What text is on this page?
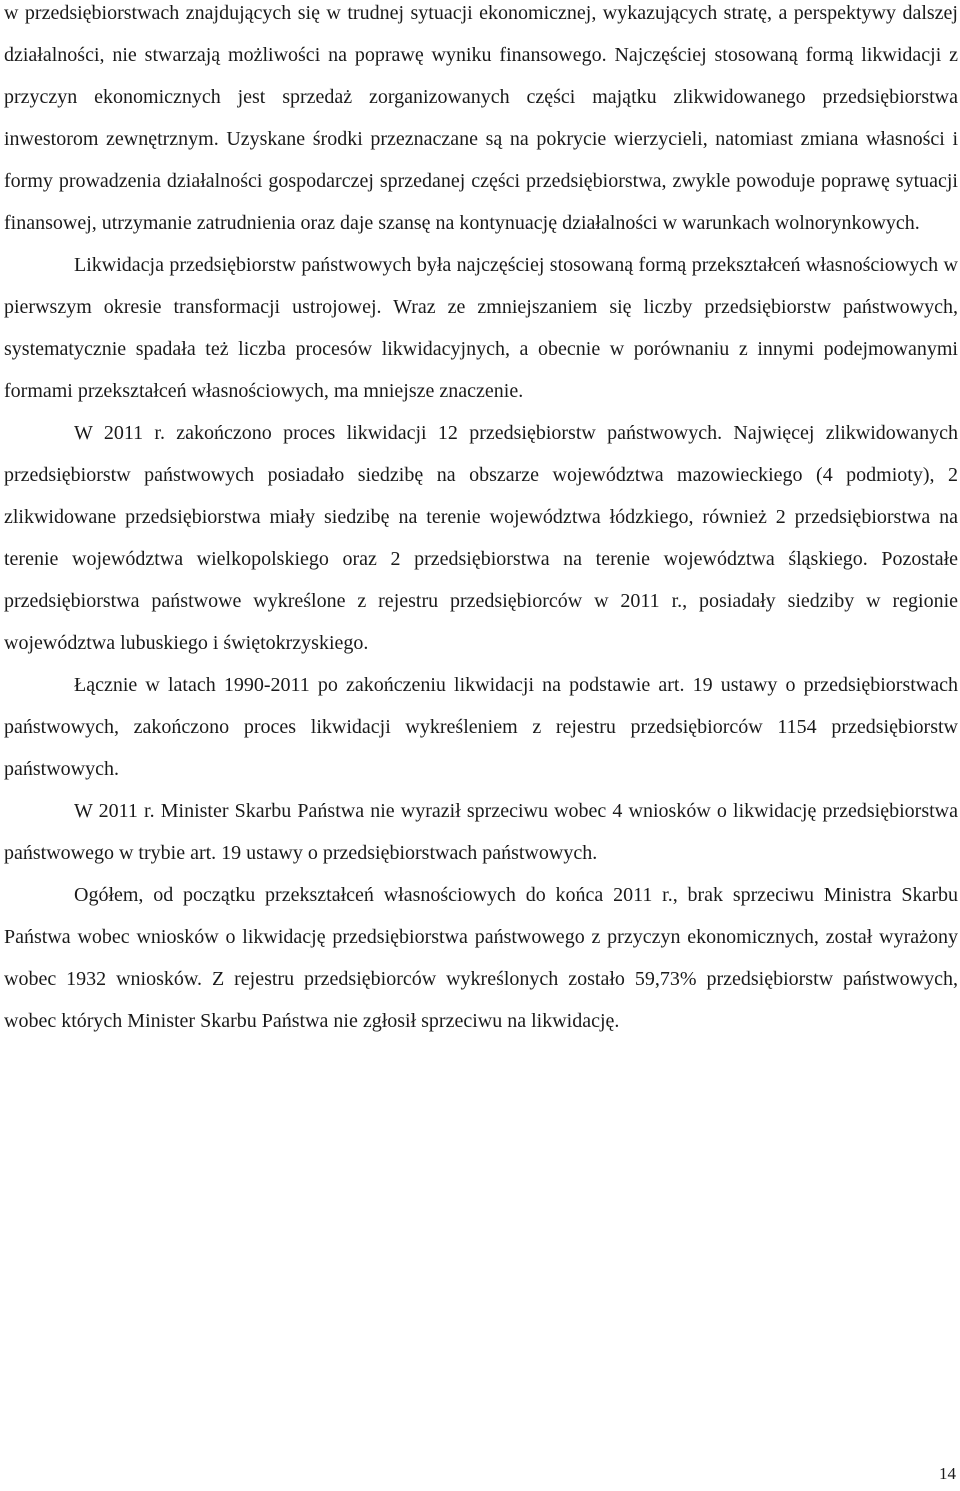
w przedsiębiorstwach znajdujących się w trudnej sytuacji ekonomicznej, wykazujących stratę, a perspektywy dalszej działalności, nie stwarzają możliwości na poprawę wyniku finansowego. Najczęściej stosowaną formą likwidacji z przyczyn ekonomicznych jest sprzedaż zorganizowanych części majątku zlikwidowanego przedsiębiorstwa inwestorom zewnętrznym. Uzyskane środki przeznaczane są na pokrycie wierzycieli, natomiast zmiana własności i formy prowadzenia działalności gospodarczej sprzedanej części przedsiębiorstwa, zwykle powoduje poprawę sytuacji finansowej, utrzymanie zatrudnienia oraz daje szansę na kontynuację działalności w warunkach wolnorynkowych.

Likwidacja przedsiębiorstw państwowych była najczęściej stosowaną formą przekształceń własnościowych w pierwszym okresie transformacji ustrojowej. Wraz ze zmniejszaniem się liczby przedsiębiorstw państwowych, systematycznie spadała też liczba procesów likwidacyjnych, a obecnie w porównaniu z innymi podejmowanymi formami przekształceń własnościowych, ma mniejsze znaczenie.

W 2011 r. zakończono proces likwidacji 12 przedsiębiorstw państwowych. Najwięcej zlikwidowanych przedsiębiorstw państwowych posiadało siedzibę na obszarze województwa mazowieckiego (4 podmioty), 2 zlikwidowane przedsiębiorstwa miały siedzibę na terenie województwa łódzkiego, również 2 przedsiębiorstwa na terenie województwa wielkopolskiego oraz 2 przedsiębiorstwa na terenie województwa śląskiego. Pozostałe przedsiębiorstwa państwowe wykreślone z rejestru przedsiębiorców w 2011 r., posiadały siedziby w regionie województwa lubuskiego i świętokrzyskiego.

Łącznie w latach 1990-2011 po zakończeniu likwidacji na podstawie art. 19 ustawy o przedsiębiorstwach państwowych, zakończono proces likwidacji wykreśleniem z rejestru przedsiębiorców 1154 przedsiębiorstw państwowych.

W 2011 r. Minister Skarbu Państwa nie wyraził sprzeciwu wobec 4 wniosków o likwidację przedsiębiorstwa państwowego w trybie art. 19 ustawy o przedsiębiorstwach państwowych.

Ogółem, od początku przekształceń własnościowych do końca 2011 r., brak sprzeciwu Ministra Skarbu Państwa wobec wniosków o likwidację przedsiębiorstwa państwowego z przyczyn ekonomicznych, został wyrażony wobec 1932 wniosków. Z rejestru przedsiębiorców wykreślonych zostało 59,73% przedsiębiorstw państwowych, wobec których Minister Skarbu Państwa nie zgłosił sprzeciwu na likwidację.

14
